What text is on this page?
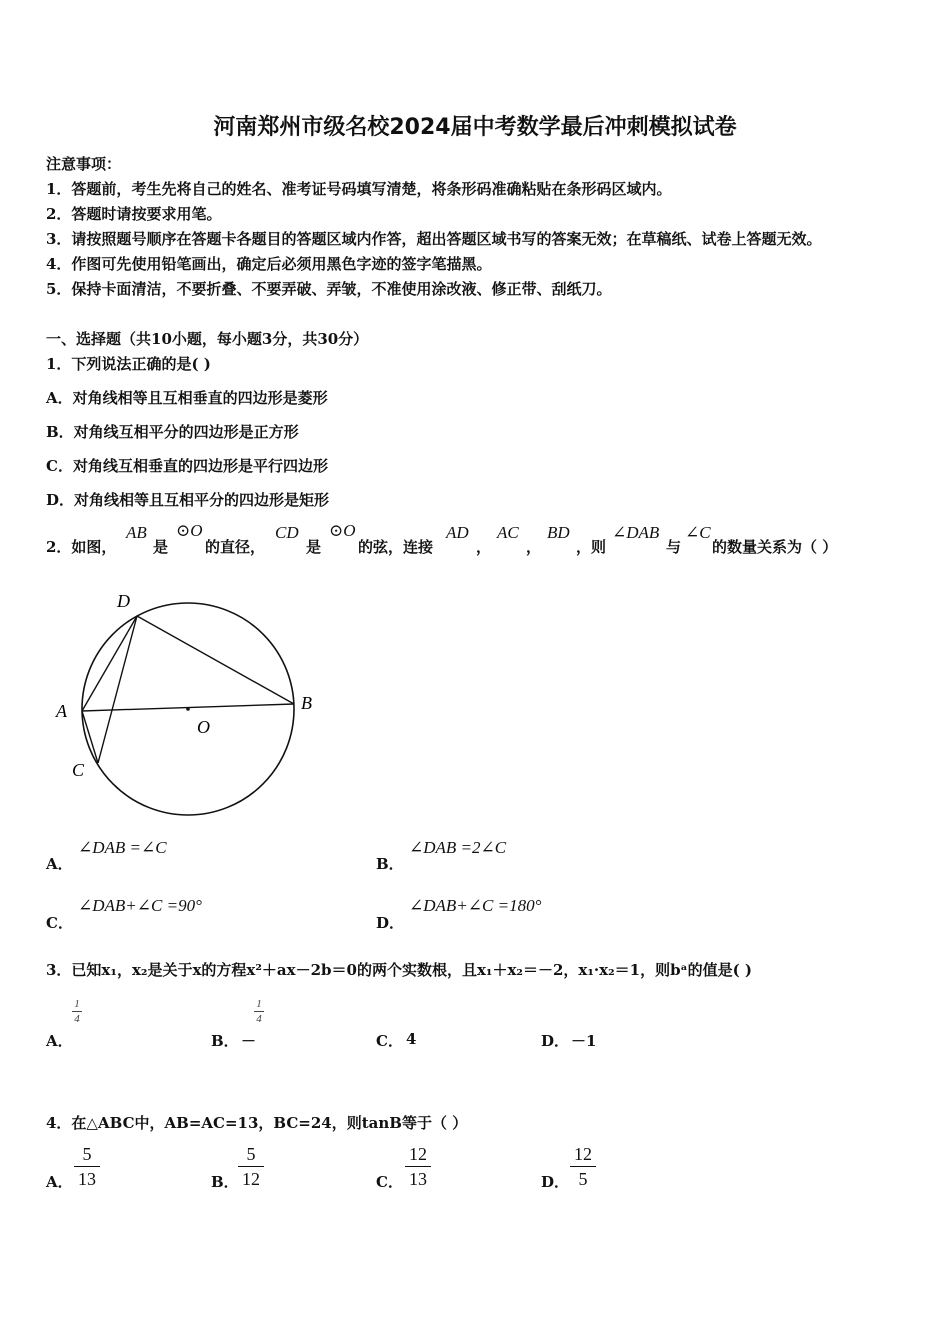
河南郑州市级名校2024届中考数学最后冲刺模拟试卷
注意事项：
1．答题前，考生先将自己的姓名、准考证号码填写清楚，将条形码准确粘贴在条形码区域内。
2．答题时请按要求用笔。
3．请按照题号顺序在答题卡各题目的答题区域内作答，超出答题区域书写的答案无效；在草稿纸、试卷上答题无效。
4．作图可先使用铅笔画出，确定后必须用黑色字迹的签字笔描黑。
5．保持卡面清洁，不要折叠、不要弄破、弄皱，不准使用涂改液、修正带、刮纸刀。
一、选择题（共10小题，每小题3分，共30分）
1．下列说法正确的是( )
A．对角线相等且互相垂直的四边形是菱形
B．对角线互相平分的四边形是正方形
C．对角线互相垂直的四边形是平行四边形
D．对角线相等且互相平分的四边形是矩形
2．如图，
AB
是
⊙O
的直径，
CD
是
⊙O
的弦，连接
AD
，
AC
，
BD
，则
∠DAB
与
∠C
的数量关系为（ ）
D
A	B
O
C
A．
∠DAB =∠C
B．
∠DAB =2∠C
C．
∠DAB+∠C =90°
D．
∠DAB+∠C =180°
3．已知x₁，x₂是关于x的方程x²＋ax－2b＝0的两个实数根，且x₁＋x₂＝－2，x₁·x₂＝1，则bᵃ的值是( )
A．
1
4
B． －
1
4
C． 4	D． －1
4．在△ABC中，AB=AC=13，BC=24，则tanB等于（ ）
A．
5
13	B．
5
12	C．
12
13	D．
12
5
